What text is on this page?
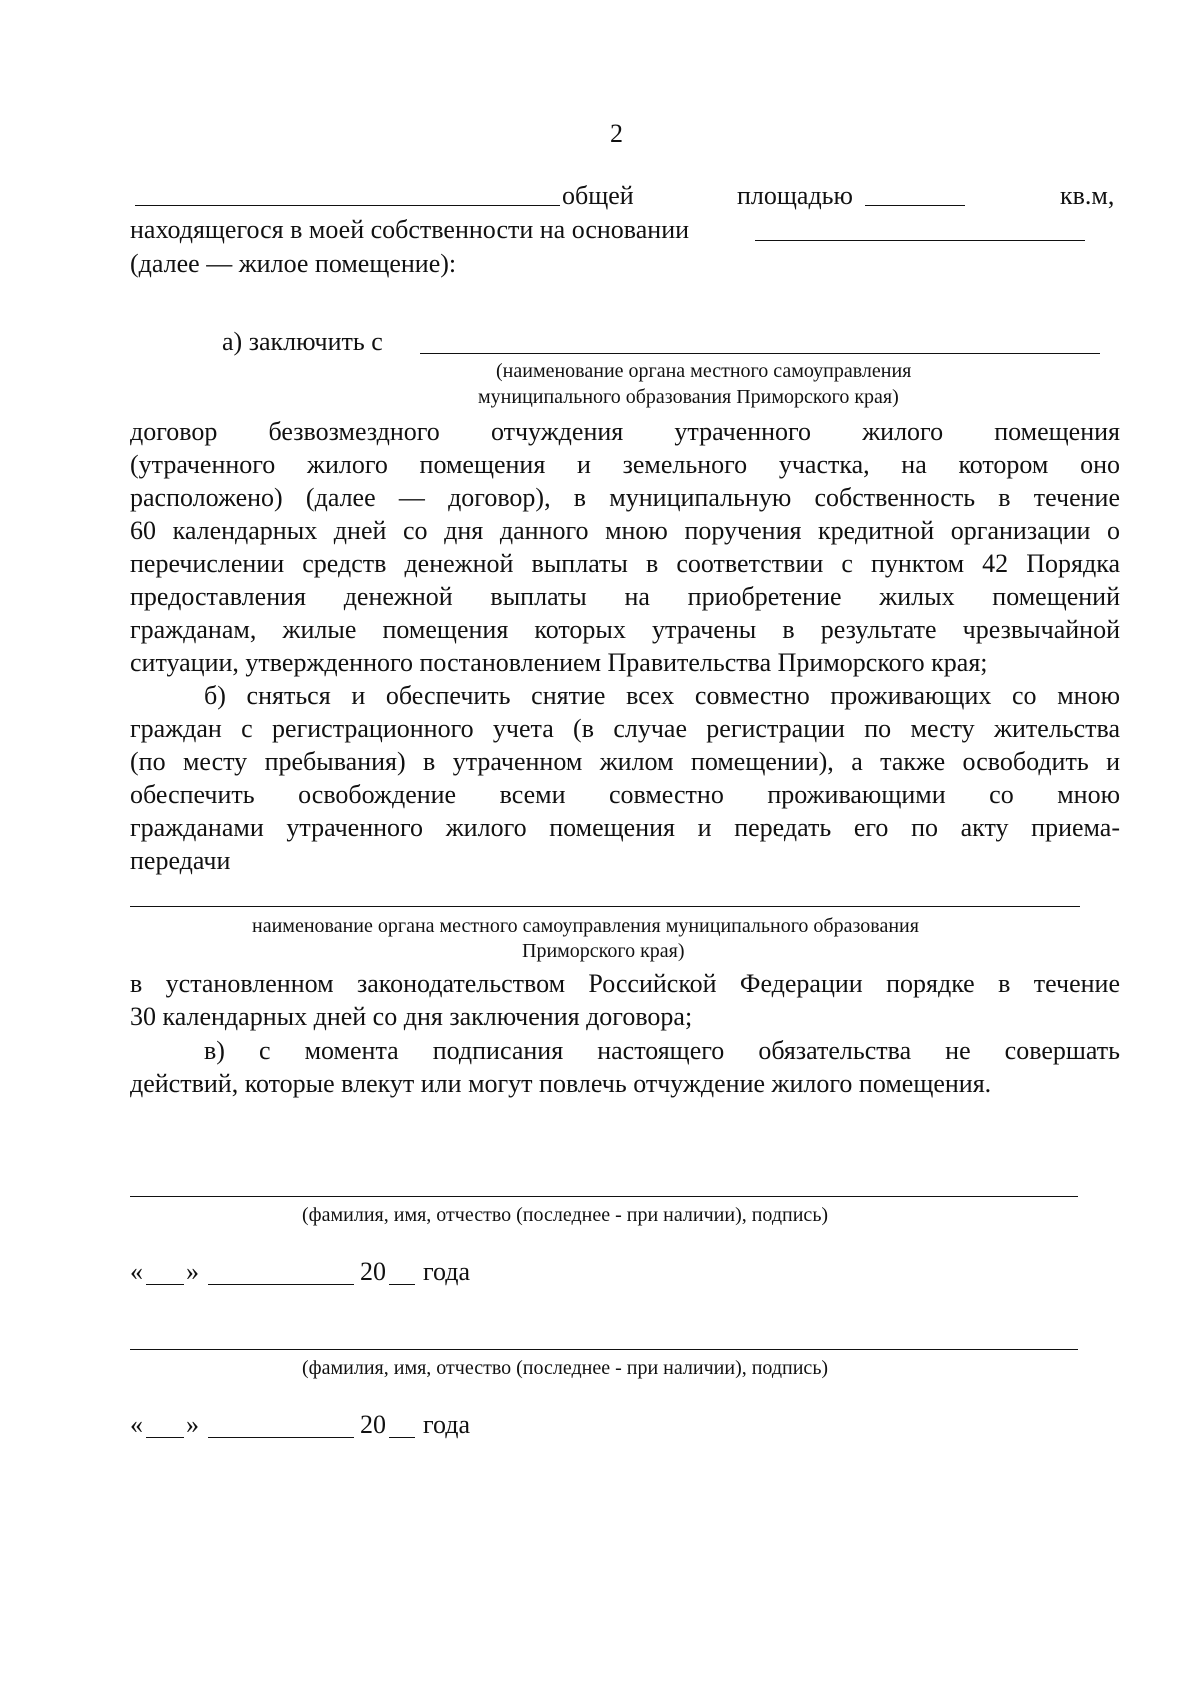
2
общей	площадью	кв.м,
находящегося в моей собственности на основании
(далее — жилое помещение):
а) заключить с
(наименование органа местного самоуправления
муниципального образования Приморского края)
договор безвозмездного отчуждения утраченного жилого помещения
(утраченного жилого помещения и земельного участка, на котором оно
расположено) (далее — договор), в муниципальную собственность в течение
60 календарных дней со дня данного мною поручения кредитной организации о
перечислении средств денежной выплаты в соответствии с пунктом 42 Порядка
предоставления денежной выплаты на приобретение жилых помещений
гражданам, жилые помещения которых утрачены в результате чрезвычайной
ситуации, утвержденного постановлением Правительства Приморского края;
б) сняться и обеспечить снятие всех совместно проживающих со мною
граждан с регистрационного учета (в случае регистрации по месту жительства
(по месту пребывания) в утраченном жилом помещении), а также освободить и
обеспечить освобождение всеми совместно проживающими со мною
гражданами утраченного жилого помещения и передать его по акту приема-
передачи
наименование органа местного самоуправления муниципального образования
Приморского края)
в установленном законодательством Российской Федерации порядке в течение
30 календарных дней со дня заключения договора;
в) с момента подписания настоящего обязательства не совершать
действий, которые влекут или могут повлечь отчуждение жилого помещения.
(фамилия, имя, отчество (последнее - при наличии), подпись)
« »	20 года
(фамилия, имя, отчество (последнее - при наличии), подпись)
« »	20 года
